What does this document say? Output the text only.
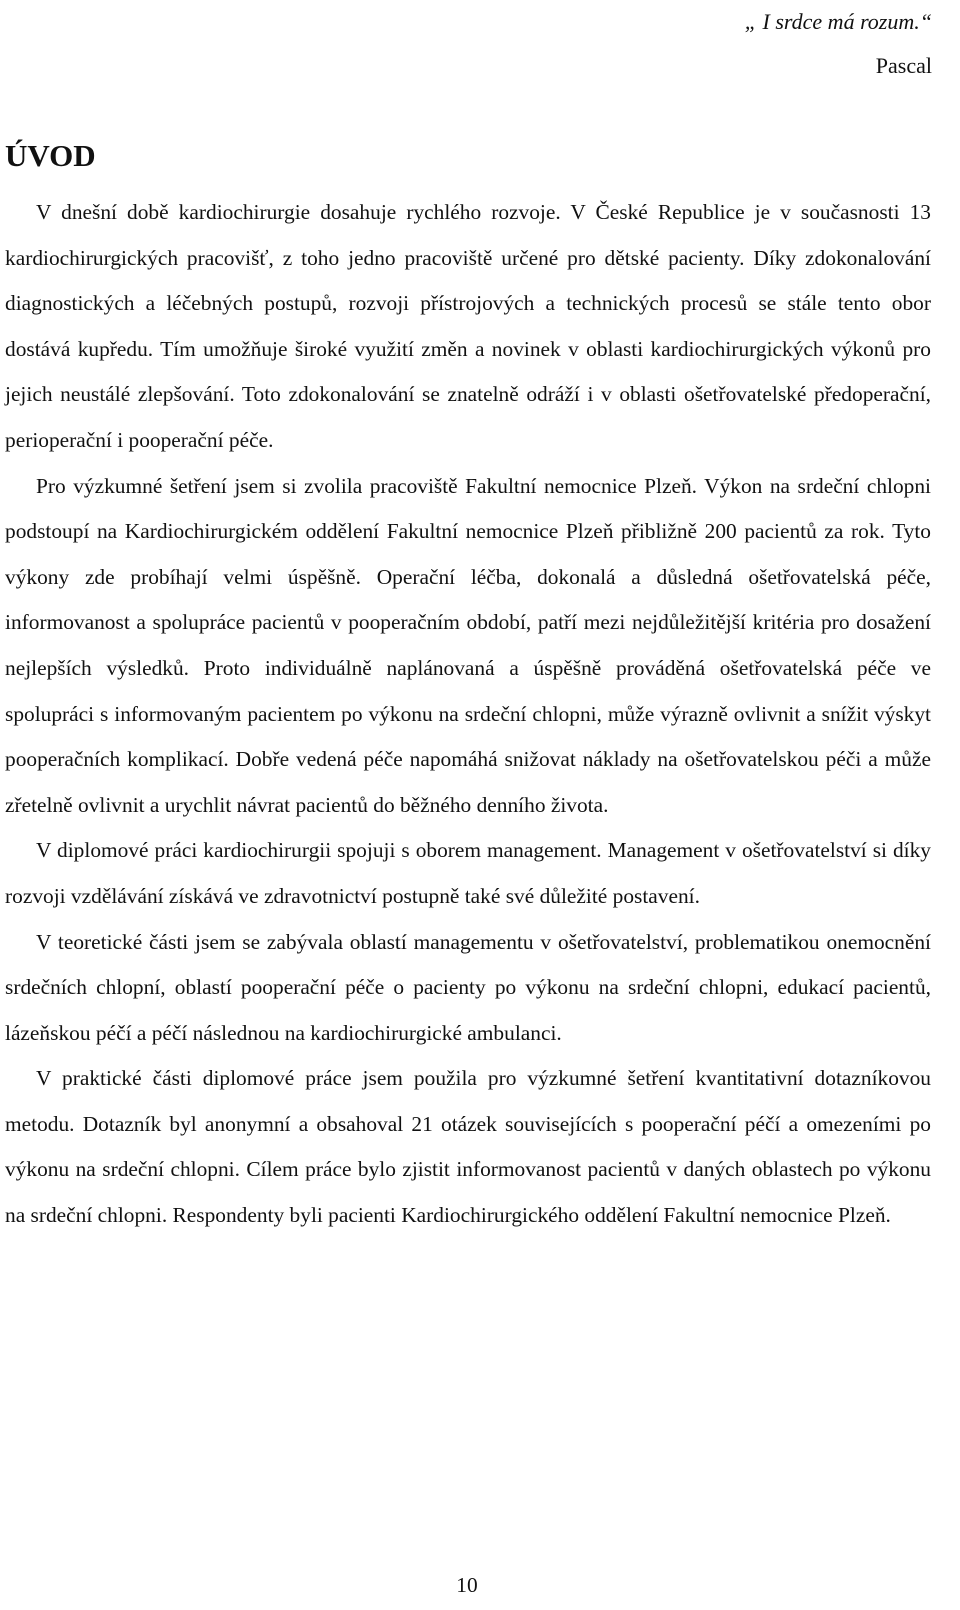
„ I srdce má rozum.“
Pascal
ÚVOD

V dnešní době kardiochirurgie dosahuje rychlého rozvoje. V České Republice je v současnosti 13 kardiochirurgických pracovišť, z toho jedno pracoviště určené pro dětské pacienty. Díky zdokonalování diagnostických a léčebných postupů, rozvoji přístrojových a technických procesů se stále tento obor dostává kupředu. Tím umožňuje široké využití změn a novinek v oblasti kardiochirurgických výkonů pro jejich neustálé zlepšování. Toto zdokonalování se znatelně odráží i v oblasti ošetřovatelské předoperační, perioperační i pooperační péče.

Pro výzkumné šetření jsem si zvolila pracoviště Fakultní nemocnice Plzeň. Výkon na srdeční chlopni podstoupí na Kardiochirurgickém oddělení Fakultní nemocnice Plzeň přibližně 200 pacientů za rok. Tyto výkony zde probíhají velmi úspěšně. Operační léčba, dokonalá a důsledná ošetřovatelská péče, informovanost a spolupráce pacientů v pooperačním období, patří mezi nejdůležitější kritéria pro dosažení nejlepších výsledků. Proto individuálně naplánovaná a úspěšně prováděná ošetřovatelská péče ve spolupráci s informovaným pacientem po výkonu na srdeční chlopni, může výrazně ovlivnit a snížit výskyt pooperačních komplikací. Dobře vedená péče napomáhá snižovat náklady na ošetřovatelskou péči a může zřetelně ovlivnit a urychlit návrat pacientů do běžného denního života.

V diplomové práci kardiochirurgii spojuji s oborem management. Management v ošetřovatelství si díky rozvoji vzdělávání získává ve zdravotnictví postupně také své důležité postavení.

V teoretické části jsem se zabývala oblastí managementu v ošetřovatelství, problematikou onemocnění srdečních chlopní, oblastí pooperační péče o pacienty po výkonu na srdeční chlopni, edukací pacientů, lázeňskou péčí a péčí následnou na kardiochirurgické ambulanci.

V praktické části diplomové práce jsem použila pro výzkumné šetření kvantitativní dotazníkovou metodu. Dotazník byl anonymní a obsahoval 21 otázek souvisejících s pooperační péčí a omezeními po výkonu na srdeční chlopni. Cílem práce bylo zjistit informovanost pacientů v daných oblastech po výkonu na srdeční chlopni. Respondenty byli pacienti Kardiochirurgického oddělení Fakultní nemocnice Plzeň.

10
